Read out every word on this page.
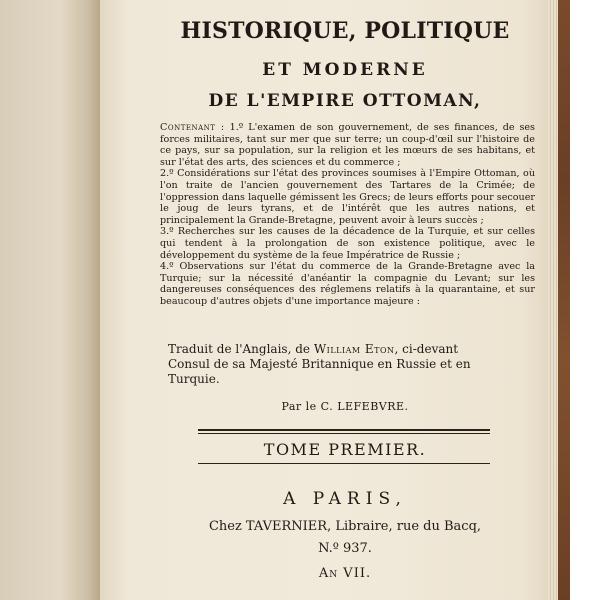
HISTORIQUE, POLITIQUE
ET MODERNE
DE L'EMPIRE OTTOMAN,

Contenant : 1.º L'examen de son gouvernement, de ses finances, de ses forces militaires, tant sur mer que sur terre; un coup-d'œil sur l'histoire de ce pays, sur sa population, sur la religion et les mœurs de ses habitans, et sur l'état des arts, des sciences et du commerce ;

2.º Considérations sur l'état des provinces soumises à l'Empire Ottoman, où l'on traite de l'ancien gouvernement des Tartares de la Crimée; de l'oppression dans laquelle gémissent les Grecs; de leurs efforts pour secouer le joug de leurs tyrans, et de l'intérêt que les autres nations, et principalement la Grande-Bretagne, peuvent avoir à leurs succès ;

3.º Recherches sur les causes de la décadence de la Turquie, et sur celles qui tendent à la prolongation de son existence politique, avec le développement du système de la feue Impératrice de Russie ;

4.º Observations sur l'état du commerce de la Grande-Bretagne avec la Turquie; sur la nécessité d'anéantir la compagnie du Levant; sur les dangereuses conséquences des réglemens relatifs à la quarantaine, et sur beaucoup d'autres objets d'une importance majeure :

Traduit de l'Anglais, de William Eton, ci-devant Consul de sa Majesté Britannique en Russie et en Turquie.
Par le C. LEFEBVRE.
TOME PREMIER.
A PARIS,
Chez TAVERNIER, Libraire, rue du Bacq,
N.º 937.
An VII.
